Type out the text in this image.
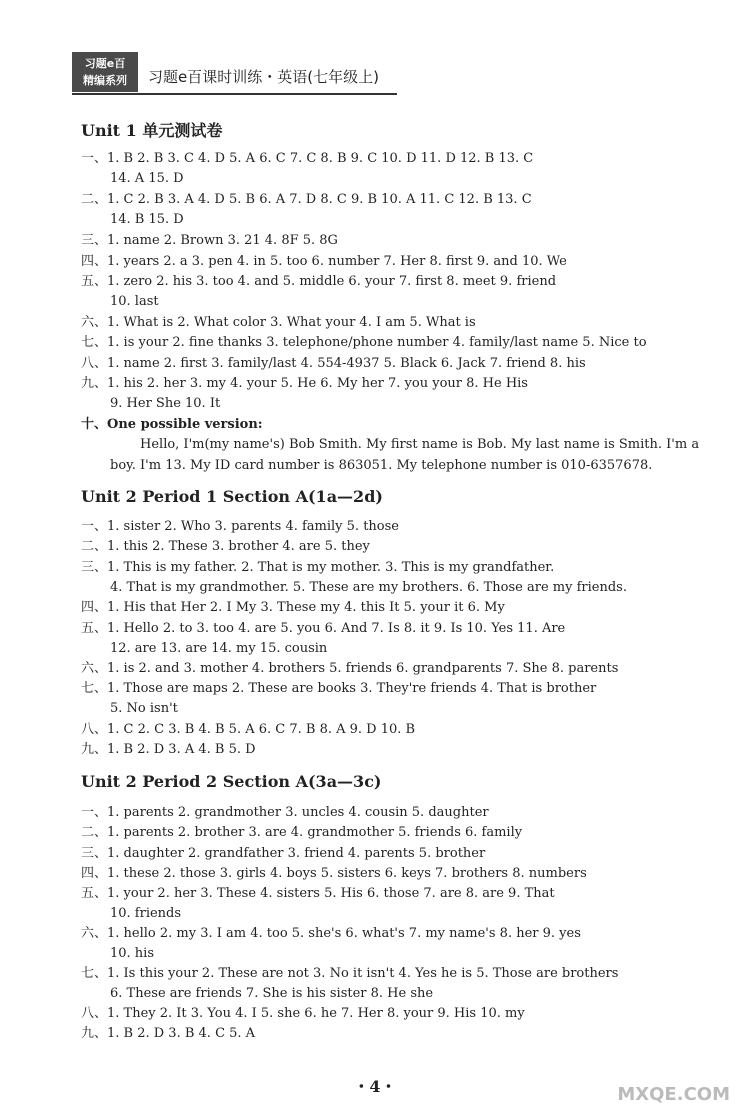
习题e百
精编系列	习题e百课时训练・英语(七年级上)
Unit 1 单元测试卷
一、1. B 2. B 3. C 4. D 5. A 6. C 7. C 8. B 9. C 10. D 11. D 12. B 13. C
14. A 15. D
二、1. C 2. B 3. A 4. D 5. B 6. A 7. D 8. C 9. B 10. A 11. C 12. B 13. C
14. B 15. D
三、1. name 2. Brown 3. 21 4. 8F 5. 8G
四、1. years 2. a 3. pen 4. in 5. too 6. number 7. Her 8. first 9. and 10. We
五、1. zero 2. his 3. too 4. and 5. middle 6. your 7. first 8. meet 9. friend
10. last
六、1. What is 2. What color 3. What your 4. I am 5. What is
七、1. is your 2. fine thanks 3. telephone/phone number 4. family/last name 5. Nice to
八、1. name 2. first 3. family/last 4. 554-4937 5. Black 6. Jack 7. friend 8. his
九、1. his 2. her 3. my 4. your 5. He 6. My her 7. you your 8. He His
9. Her She 10. It
十、One possible version:
Hello, I'm(my name's) Bob Smith. My first name is Bob. My last name is Smith. I'm a
boy. I'm 13. My ID card number is 863051. My telephone number is 010-6357678.
Unit 2 Period 1 Section A(1a—2d)
一、1. sister 2. Who 3. parents 4. family 5. those
二、1. this 2. These 3. brother 4. are 5. they
三、1. This is my father. 2. That is my mother. 3. This is my grandfather.
4. That is my grandmother. 5. These are my brothers. 6. Those are my friends.
四、1. His that Her 2. I My 3. These my 4. this It 5. your it 6. My
五、1. Hello 2. to 3. too 4. are 5. you 6. And 7. Is 8. it 9. Is 10. Yes 11. Are
12. are 13. are 14. my 15. cousin
六、1. is 2. and 3. mother 4. brothers 5. friends 6. grandparents 7. She 8. parents
七、1. Those are maps 2. These are books 3. They're friends 4. That is brother
5. No isn't
八、1. C 2. C 3. B 4. B 5. A 6. C 7. B 8. A 9. D 10. B
九、1. B 2. D 3. A 4. B 5. D
Unit 2 Period 2 Section A(3a—3c)
一、1. parents 2. grandmother 3. uncles 4. cousin 5. daughter
二、1. parents 2. brother 3. are 4. grandmother 5. friends 6. family
三、1. daughter 2. grandfather 3. friend 4. parents 5. brother
四、1. these 2. those 3. girls 4. boys 5. sisters 6. keys 7. brothers 8. numbers
五、1. your 2. her 3. These 4. sisters 5. His 6. those 7. are 8. are 9. That
10. friends
六、1. hello 2. my 3. I am 4. too 5. she's 6. what's 7. my name's 8. her 9. yes
10. his
七、1. Is this your 2. These are not 3. No it isn't 4. Yes he is 5. Those are brothers
6. These are friends 7. She is his sister 8. He she
八、1. They 2. It 3. You 4. I 5. she 6. he 7. Her 8. your 9. His 10. my
九、1. B 2. D 3. B 4. C 5. A
・4・	MXQE.COM
